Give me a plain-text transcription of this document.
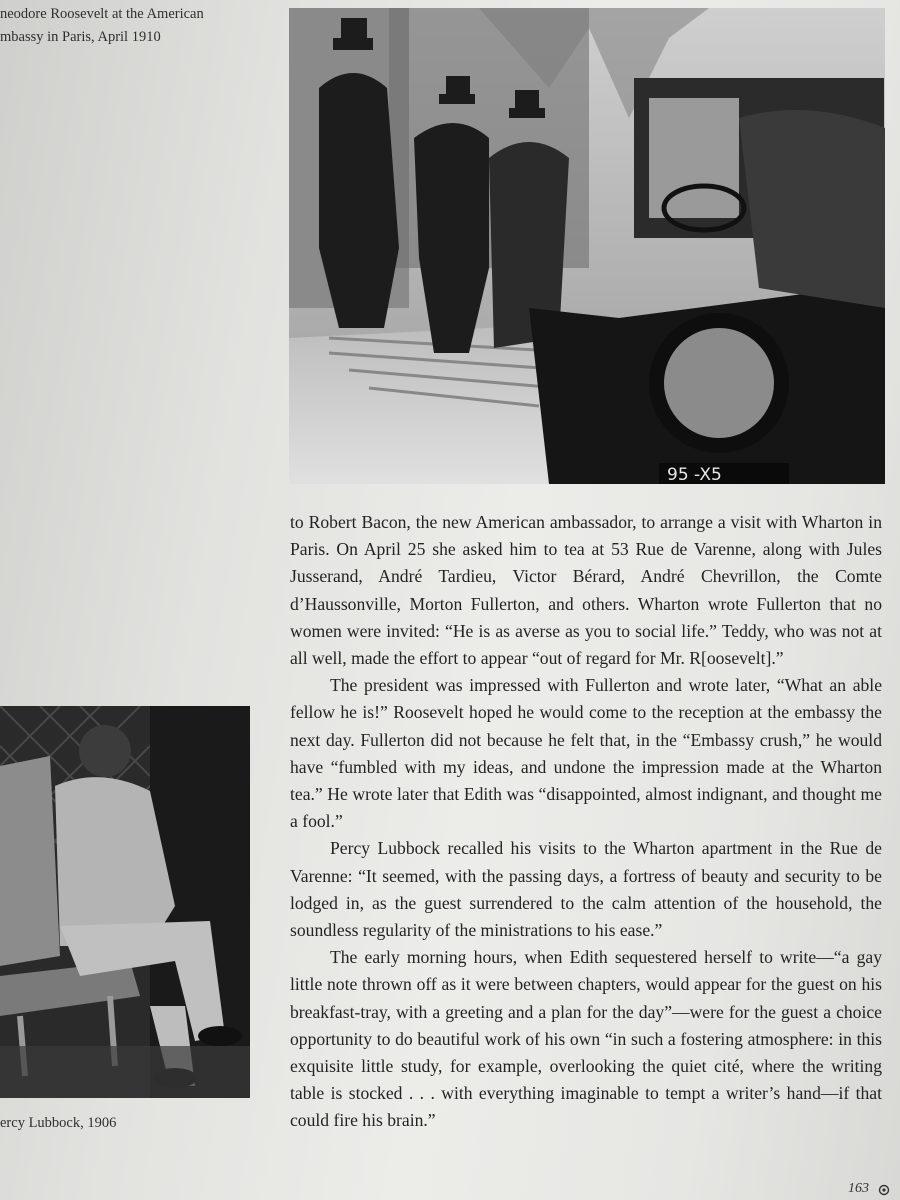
neodore Roosevelt at the American
mbassy in Paris, April 1910
95 -X5
ercy Lubbock, 1906

to Robert Bacon, the new American ambassador, to arrange a visit with Wharton in Paris. On April 25 she asked him to tea at 53 Rue de Varenne, along with Jules Jusserand, André Tardieu, Victor Bérard, André Chevrillon, the Comte d’Haussonville, Morton Fullerton, and others. Wharton wrote Fullerton that no women were invited: “He is as averse as you to social life.” Teddy, who was not at all well, made the effort to appear “out of regard for Mr. R[oosevelt].”

The president was impressed with Fullerton and wrote later, “What an able fellow he is!” Roosevelt hoped he would come to the reception at the embassy the next day. Fullerton did not because he felt that, in the “Embassy crush,” he would have “fumbled with my ideas, and undone the impression made at the Wharton tea.” He wrote later that Edith was “disappointed, almost indignant, and thought me a fool.”

Percy Lubbock recalled his visits to the Wharton apartment in the Rue de Varenne: “It seemed, with the passing days, a fortress of beauty and security to be lodged in, as the guest surrendered to the calm attention of the household, the soundless regularity of the ministrations to his ease.”

The early morning hours, when Edith sequestered herself to write—“a gay little note thrown off as it were between chapters, would appear for the guest on his breakfast-tray, with a greeting and a plan for the day”—were for the guest a choice opportunity to do beautiful work of his own “in such a fostering atmosphere: in this exquisite little study, for example, overlooking the quiet cité, where the writing table is stocked . . . with everything imaginable to tempt a writer’s hand—if that could fire his brain.”

163
